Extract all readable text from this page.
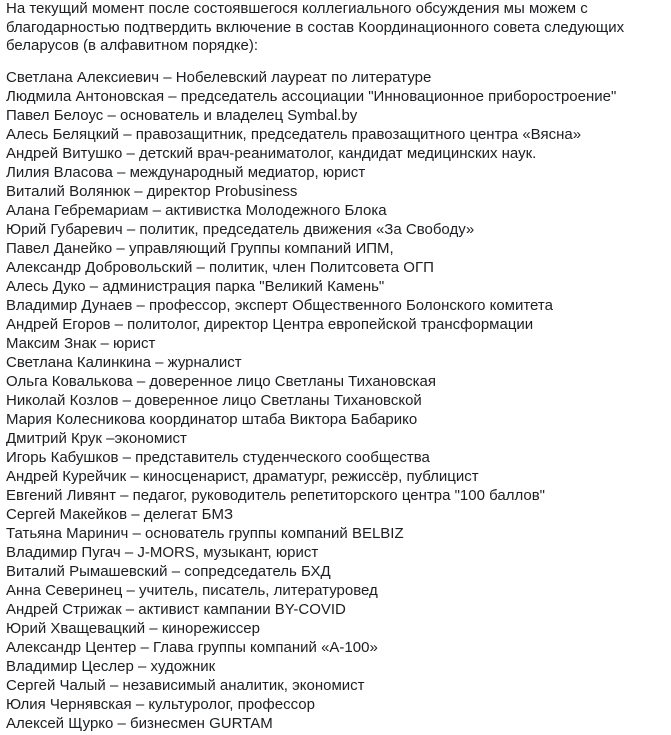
На текущий момент после состоявшегося коллегиального обсуждения мы можем с
благодарностью подтвердить включение в состав Координационного совета следующих
беларусов (в алфавитном порядке):

Светлана Алексиевич – Нобелевский лауреат по литературе
Людмила Антоновская – председатель ассоциации "Инновационное приборостроение"
Павел Белоус – основатель и владелец Symbal.by
Алесь Беляцкий – правозащитник, председатель правозащитного центра «Вясна»
Андрей Витушко – детский врач-реаниматолог, кандидат медицинских наук.
Лилия Власова – международный медиатор, юрист
Виталий Волянюк – директор Probusiness
Алана Гебремариам – активистка Молодежного Блока
Юрий Губаревич – политик, председатель движения «За Свободу»
Павел Данейко – управляющий Группы компаний ИПМ,
Александр Добровольский – политик, член Политсовета ОГП
Алесь Дуко – администрация парка "Великий Камень"
Владимир Дунаев – профессор, эксперт Общественного Болонского комитета
Андрей Егоров – политолог, директор Центра европейской трансформации
Максим Знак – юрист
Светлана Калинкина – журналист
Ольга Ковалькова – доверенное лицо Светланы Тихановская
Николай Козлов – доверенное лицо Светланы Тихановской
Мария Колесникова координатор штаба Виктора Бабарико
Дмитрий Крук –экономист
Игорь Кабушков – представитель студенческого сообщества
Андрей Курейчик – киносценарист, драматург, режиссёр, публицист
Евгений Ливянт – педагог, руководитель репетиторского центра "100 баллов"
Сергей Макейков – делегат БМЗ
Татьяна Маринич – основатель группы компаний BELBIZ
Владимир Пугач – J-MORS, музыкант, юрист
Виталий Рымашевский – сопредседатель БХД
Анна Северинец – учитель, писатель, литературовед
Андрей Стрижак – активист кампании BY-COVID
Юрий Хващевацкий – кинорежиссер
Александр Центер – Глава группы компаний «А-100»
Владимир Цеслер – художник
Сергей Чалый – независимый аналитик, экономист
Юлия Чернявская – культуролог, профессор
Алексей Щурко – бизнесмен GURTAM
